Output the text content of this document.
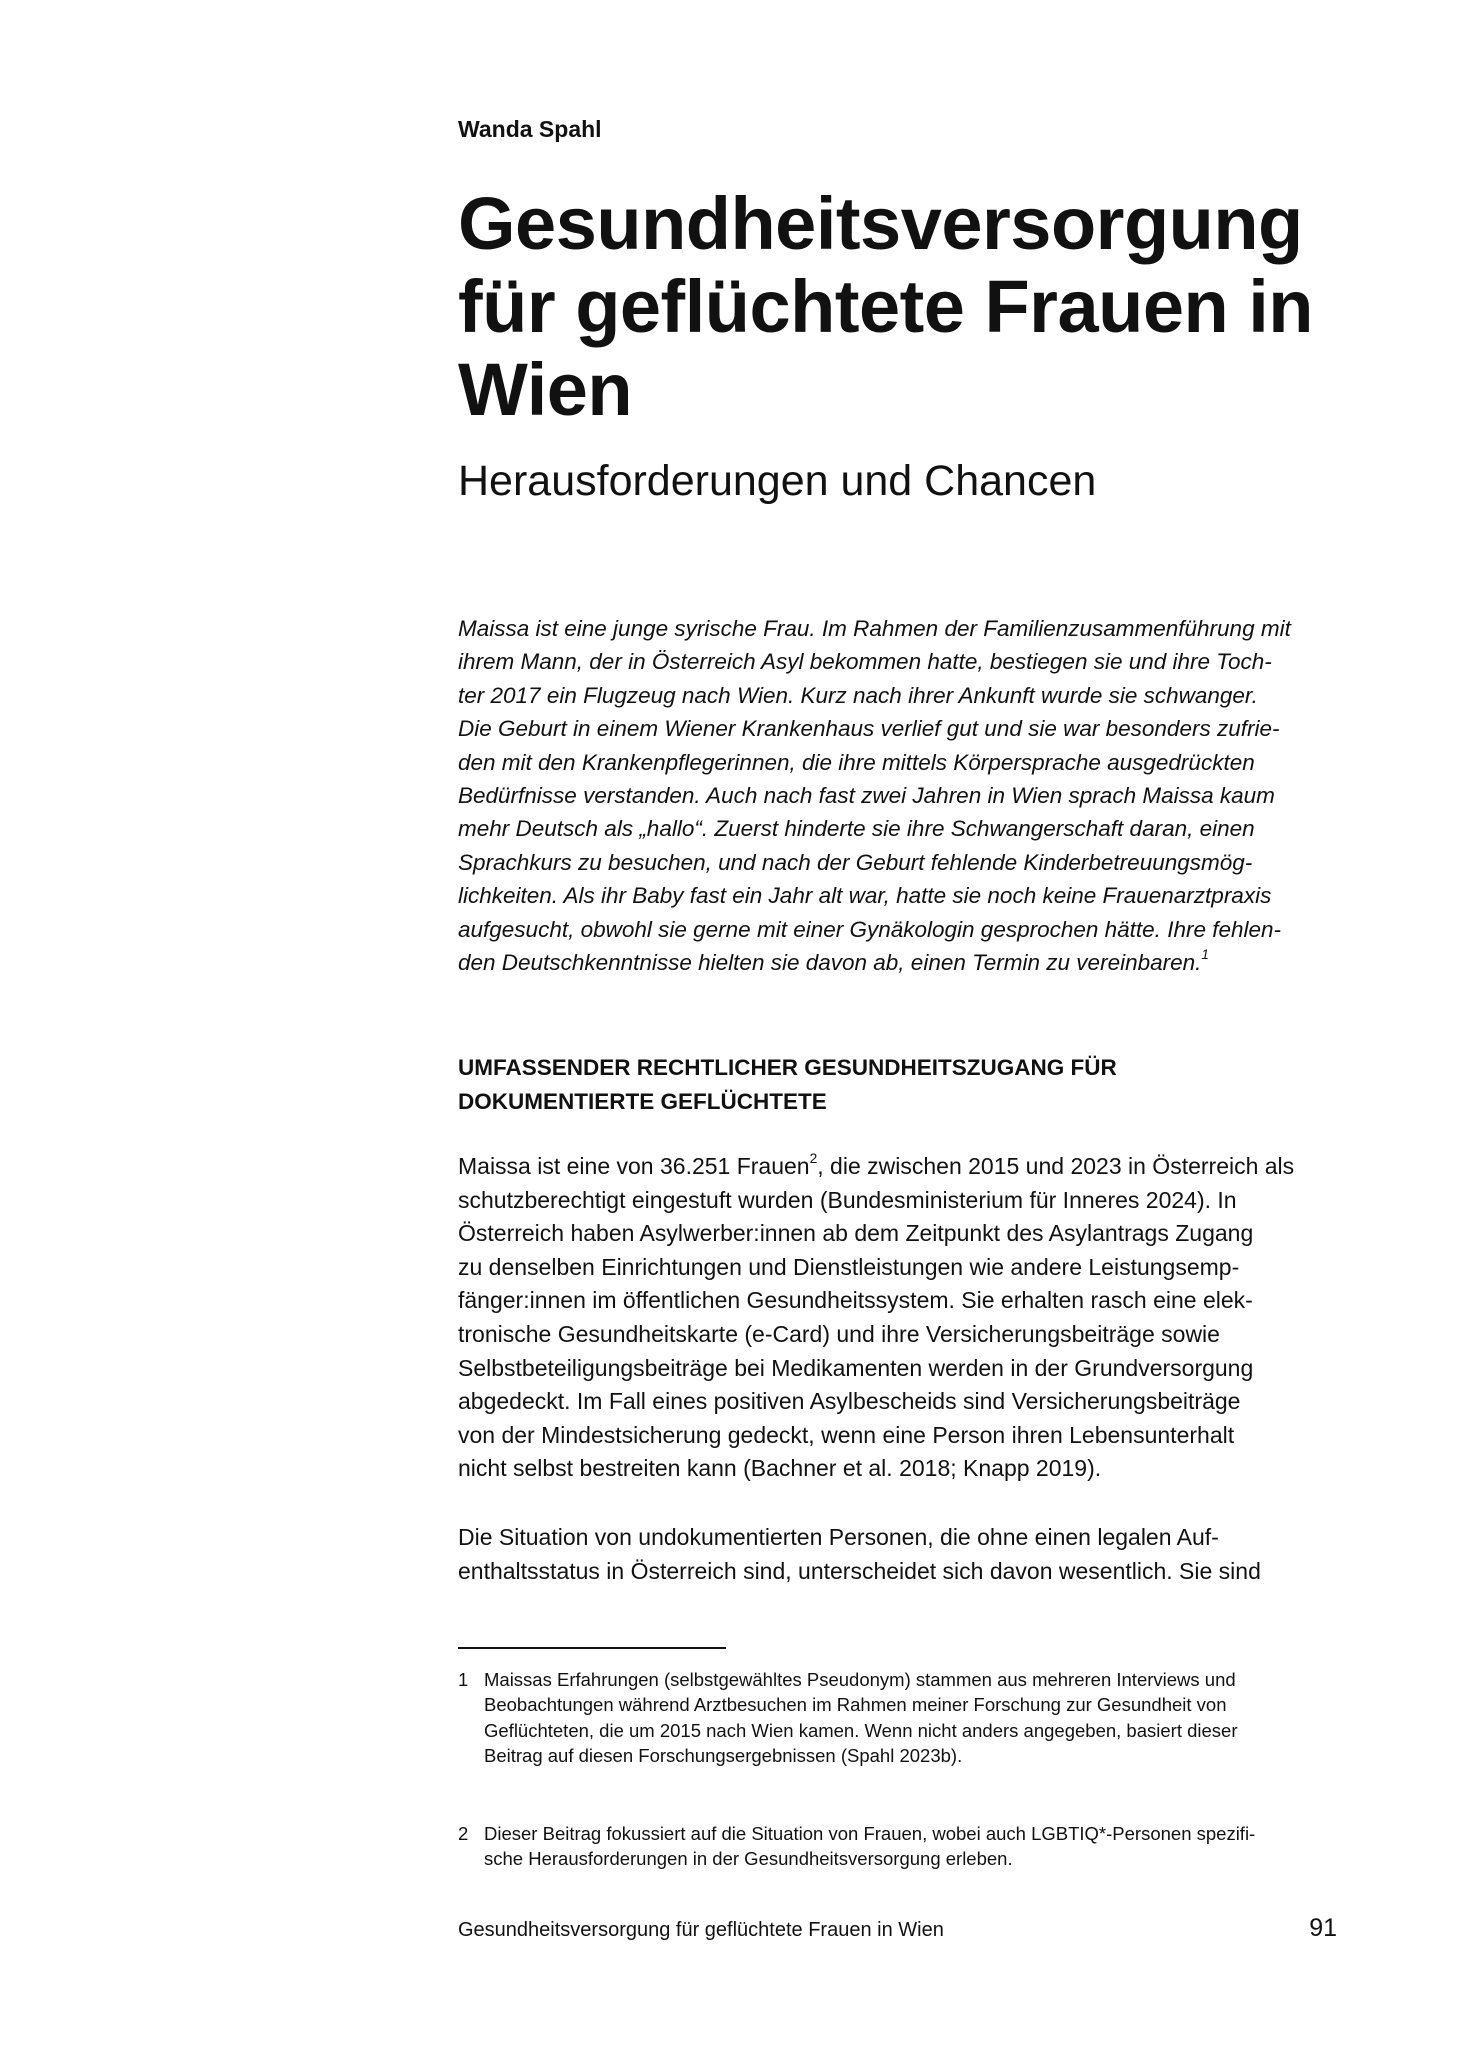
Wanda Spahl
Gesundheitsversorgung
für geflüchtete Frauen in
Wien
Herausforderungen und Chancen

Maissa ist eine junge syrische Frau. Im Rahmen der Familienzusammenführung mit
ihrem Mann, der in Österreich Asyl bekommen hatte, bestiegen sie und ihre Toch-
ter 2017 ein Flugzeug nach Wien. Kurz nach ihrer Ankunft wurde sie schwanger.
Die Geburt in einem Wiener Krankenhaus verlief gut und sie war besonders zufrie-
den mit den Krankenpflegerinnen, die ihre mittels Körpersprache ausgedrückten
Bedürfnisse verstanden. Auch nach fast zwei Jahren in Wien sprach Maissa kaum
mehr Deutsch als „hallo“. Zuerst hinderte sie ihre Schwangerschaft daran, einen
Sprachkurs zu besuchen, und nach der Geburt fehlende Kinderbetreuungsmög-
lichkeiten. Als ihr Baby fast ein Jahr alt war, hatte sie noch keine Frauenarztpraxis
aufgesucht, obwohl sie gerne mit einer Gynäkologin gesprochen hätte. Ihre fehlen-
den Deutschkenntnisse hielten sie davon ab, einen Termin zu vereinbaren.$^1$

UMFASSENDER RECHTLICHER GESUNDHEITSZUGANG FÜR
DOKUMENTIERTE GEFLÜCHTETE

Maissa ist eine von 36.251 Frauen$^2$, die zwischen 2015 und 2023 in Österreich als
schutzberechtigt eingestuft wurden (Bundesministerium für Inneres 2024). In
Österreich haben Asylwerber:innen ab dem Zeitpunkt des Asylantrags Zugang
zu denselben Einrichtungen und Dienstleistungen wie andere Leistungsemp-
fänger:innen im öffentlichen Gesundheitssystem. Sie erhalten rasch eine elek-
tronische Gesundheitskarte (e-Card) und ihre Versicherungsbeiträge sowie
Selbstbeteiligungsbeiträge bei Medikamenten werden in der Grundversorgung
abgedeckt. Im Fall eines positiven Asylbescheids sind Versicherungsbeiträge
von der Mindestsicherung gedeckt, wenn eine Person ihren Lebensunterhalt
nicht selbst bestreiten kann (Bachner et al. 2018; Knapp 2019).

Die Situation von undokumentierten Personen, die ohne einen legalen Auf-
enthaltsstatus in Österreich sind, unterscheidet sich davon wesentlich. Sie sind

1 Maissas Erfahrungen (selbstgewähltes Pseudonym) stammen aus mehreren Interviews und
Beobachtungen während Arztbesuchen im Rahmen meiner Forschung zur Gesundheit von
Geflüchteten, die um 2015 nach Wien kamen. Wenn nicht anders angegeben, basiert dieser
Beitrag auf diesen Forschungsergebnissen (Spahl 2023b).
2 Dieser Beitrag fokussiert auf die Situation von Frauen, wobei auch LGBTIQ*-Personen spezifi-
sche Herausforderungen in der Gesundheitsversorgung erleben.
Gesundheitsversorgung für geflüchtete Frauen in Wien	91
